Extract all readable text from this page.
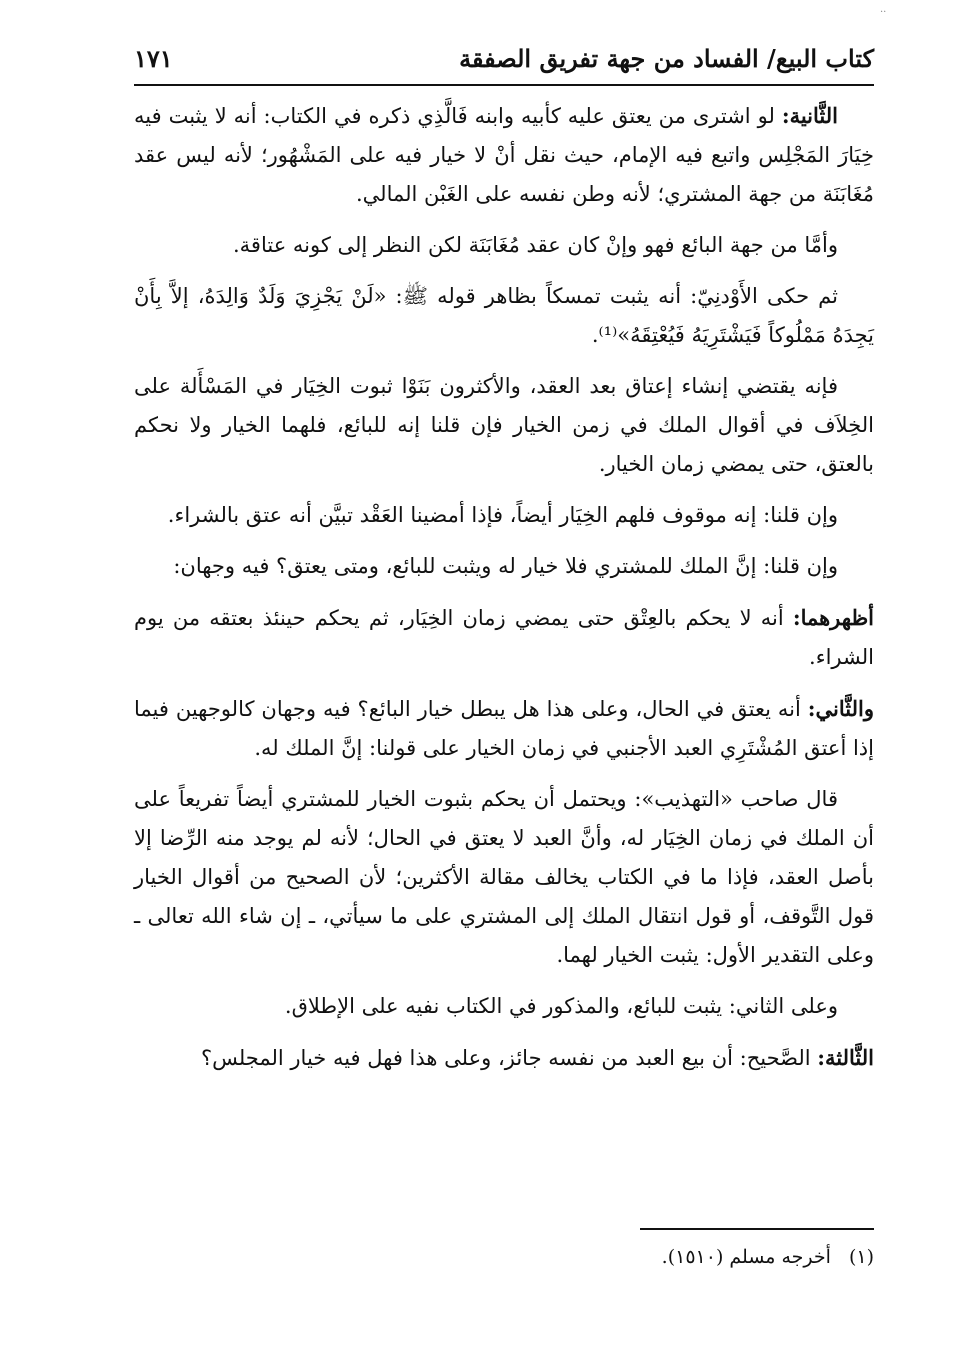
..
كتاب البيع/ الفساد من جهة تفريق الصفقة
١٧١

الثَّانية: لو اشترى من يعتق عليه كأبيه وابنه فَالَّذِي ذكره في الكتاب: أنه لا يثبت فيه خِيَارَ المَجْلِس واتبع فيه الإمام، حيث نقل أنْ لا خيار فيه على المَشْهُور؛ لأنه ليس عقد مُغَابَنَة من جهة المشتري؛ لأنه وطن نفسه على الغَبْن المالي.

وأمَّا من جهة البائع فهو وإنْ كان عقد مُغَابَنَة لكن النظر إلى كونه عتاقة.

ثم حكى الأَوْدنِيّ: أنه يثبت تمسكاً بظاهر قوله ﷺ: «لَنْ يَجْزِيَ وَلَدٌ وَالِدَهُ، إلاَّ بِأَنْ يَجِدَهُ مَمْلُوكاً فَيَشْتَرِيَهُ فَيُعْتِقَهُ»⁽¹⁾.

فإنه يقتضي إنشاء إعتاق بعد العقد، والأكثرون بَنَوْا ثبوت الخِيَار في المَسْأَلة على الخِلاَف في أقوال الملك في زمن الخيار فإن قلنا إنه للبائع، فلهما الخيار ولا نحكم بالعتق، حتى يمضي زمان الخيار.

وإن قلنا: إنه موقوف فلهم الخِيَار أيضاً، فإذا أمضينا العَقْد تبيَّن أنه عتق بالشراء.

وإن قلنا: إنَّ الملك للمشتري فلا خيار له ويثبت للبائع، ومتى يعتق؟ فيه وجهان:

أظهرهما: أنه لا يحكم بالعِتْق حتى يمضي زمان الخِيَار، ثم يحكم حينئذ بعتقه من يوم الشراء.

والثَّاني: أنه يعتق في الحال، وعلى هذا هل يبطل خيار البائع؟ فيه وجهان كالوجهين فيما إذا أعتق المُشْتَرِي العبد الأجنبي في زمان الخيار على قولنا: إنَّ الملك له.

قال صاحب «التهذيب»: ويحتمل أن يحكم بثبوت الخيار للمشتري أيضاً تفريعاً على أن الملك في زمان الخِيَار له، وأنَّ العبد لا يعتق في الحال؛ لأنه لم يوجد منه الرِّضا إلا بأصل العقد، فإذا ما في الكتاب يخالف مقالة الأكثرين؛ لأن الصحيح من أقوال الخيار قول التَّوقف، أو قول انتقال الملك إلى المشتري على ما سيأتي، ـ إن شاء الله تعالى ـ وعلى التقدير الأول: يثبت الخيار لهما.

وعلى الثاني: يثبت للبائع، والمذكور في الكتاب نفيه على الإطلاق.

الثَّالثة: الصَّحيح: أن بيع العبد من نفسه جائز، وعلى هذا فهل فيه خيار المجلس؟

(١)أخرجه مسلم (١٥١٠).
